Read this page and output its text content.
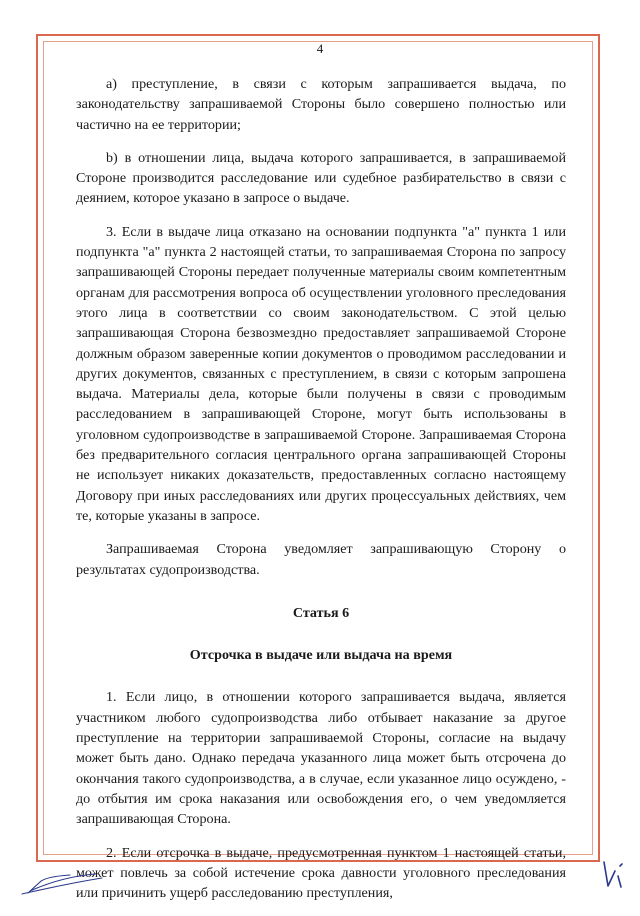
4

а) преступление, в связи с которым запрашивается выдача, по законодательству запрашиваемой Стороны было совершено полностью или частично на ее территории;

b) в отношении лица, выдача которого запрашивается, в запрашиваемой Стороне производится расследование или судебное разбирательство в связи с деянием, которое указано в запросе о выдаче.

3. Если в выдаче лица отказано на основании подпункта "а" пункта 1 или подпункта "а" пункта 2 настоящей статьи, то запрашиваемая Сторона по запросу запрашивающей Стороны передает полученные материалы своим компетентным органам для рассмотрения вопроса об осуществлении уголовного преследования этого лица в соответствии со своим законодательством. С этой целью запрашивающая Сторона безвозмездно предоставляет запрашиваемой Стороне должным образом заверенные копии документов о проводимом расследовании и других документов, связанных с преступлением, в связи с которым запрошена выдача. Материалы дела, которые были получены в связи с проводимым расследованием в запрашивающей Стороне, могут быть использованы в уголовном судопроизводстве в запрашиваемой Стороне. Запрашиваемая Сторона без предварительного согласия центрального органа запрашивающей Стороны не использует никаких доказательств, предоставленных согласно настоящему Договору при иных расследованиях или других процессуальных действиях, чем те, которые указаны в запросе.

Запрашиваемая Сторона уведомляет запрашивающую Сторону о результатах судопроизводства.

Статья 6

Отсрочка в выдаче или выдача на время

1. Если лицо, в отношении которого запрашивается выдача, является участником любого судопроизводства либо отбывает наказание за другое преступление на территории запрашиваемой Стороны, согласие на выдачу может быть дано. Однако передача указанного лица может быть отсрочена до окончания такого судопроизводства, а в случае, если указанное лицо осуждено, - до отбытия им срока наказания или освобождения его, о чем уведомляется запрашивающая Сторона.

2. Если отсрочка в выдаче, предусмотренная пунктом 1 настоящей статьи, может повлечь за собой истечение срока давности уголовного преследования или причинить ущерб расследованию преступления,
